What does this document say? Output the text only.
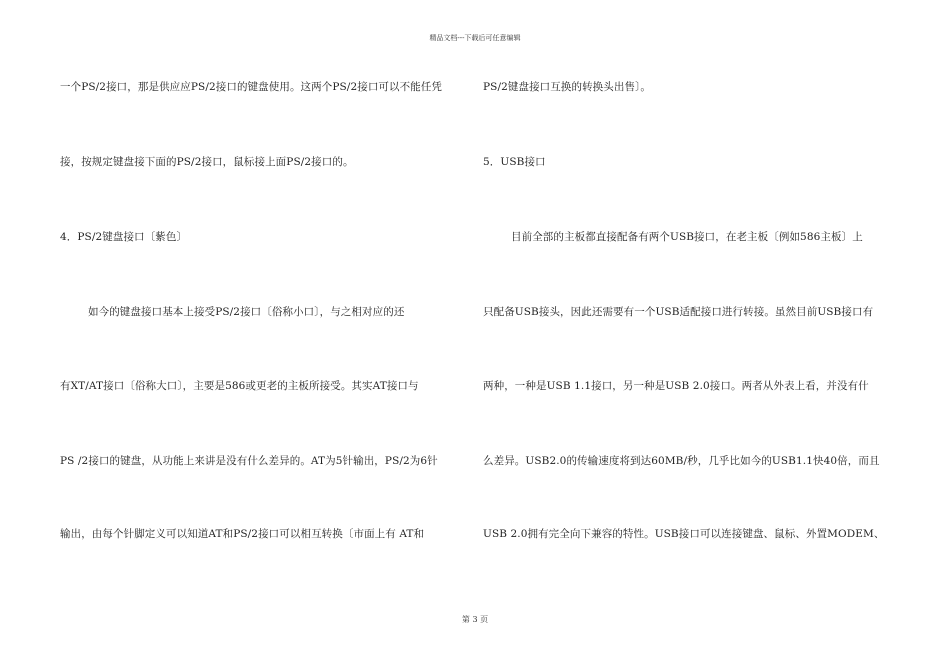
精品文档---下载后可任意编辑
一个PS/2接口，那是供应应PS/2接口的键盘使用。这两个PS/2接口可以不能任凭
接，按规定键盘接下面的PS/2接口，鼠标接上面PS/2接口的。
4．PS/2键盘接口〔紫色〕
如今的键盘接口基本上接受PS/2接口〔俗称小口〕，与之相对应的还
有XT/AT接口〔俗称大口〕，主要是586或更老的主板所接受。其实AT接口与
PS /2接口的键盘，从功能上来讲是没有什么差异的。AT为5针输出，PS/2为6针
输出，由每个针脚定义可以知道AT和PS/2接口可以相互转换〔市面上有 AT和
PS/2键盘接口互换的转换头出售〕。
5．USB接口
目前全部的主板都直接配备有两个USB接口，在老主板〔例如586主板〕上
只配备USB接头，因此还需要有一个USB适配接口进行转接。虽然目前USB接口有
两种，一种是USB 1.1接口，另一种是USB 2.0接口。两者从外表上看，并没有什
么差异。USB2.0的传输速度将到达60MB/秒，几乎比如今的USB1.1快40倍，而且
USB 2.0拥有完全向下兼容的特性。USB接口可以连接键盘、鼠标、外置MODEM、
第 3 页
